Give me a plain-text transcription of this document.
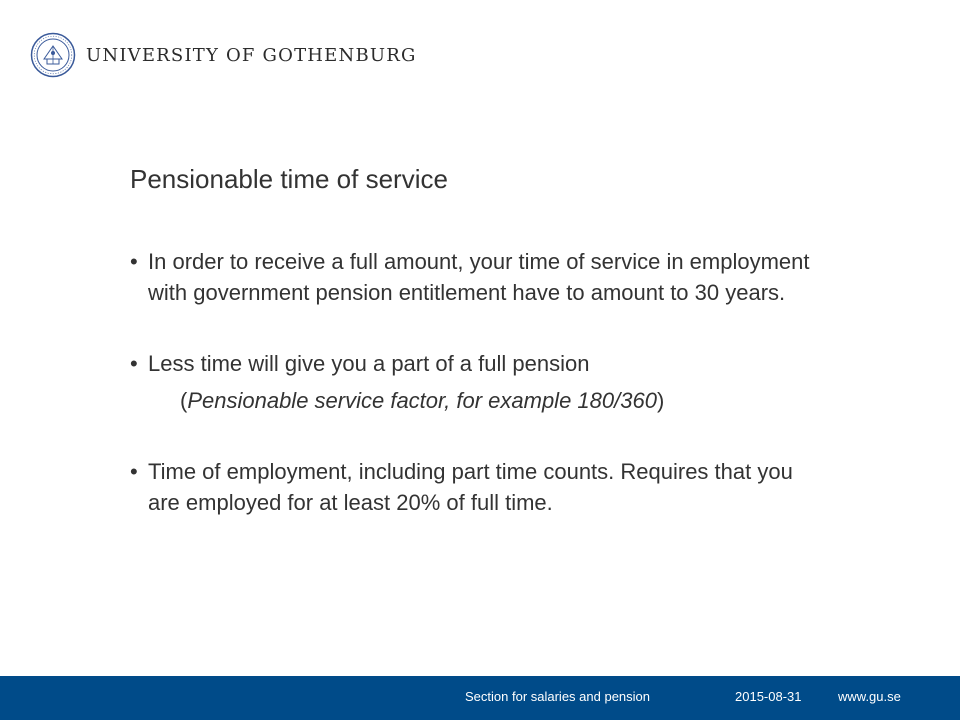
UNIVERSITY OF GOTHENBURG
Pensionable time of service
• In order to receive a full amount, your time of service in employment with government pension entitlement have to amount to 30 years.
• Less time will give you a part of a full pension
(Pensionable service factor, for example 180/360)
• Time of employment, including part time counts. Requires that you are employed for at least 20% of full time.
Section for salaries and pension	2015-08-31	www.gu.se
